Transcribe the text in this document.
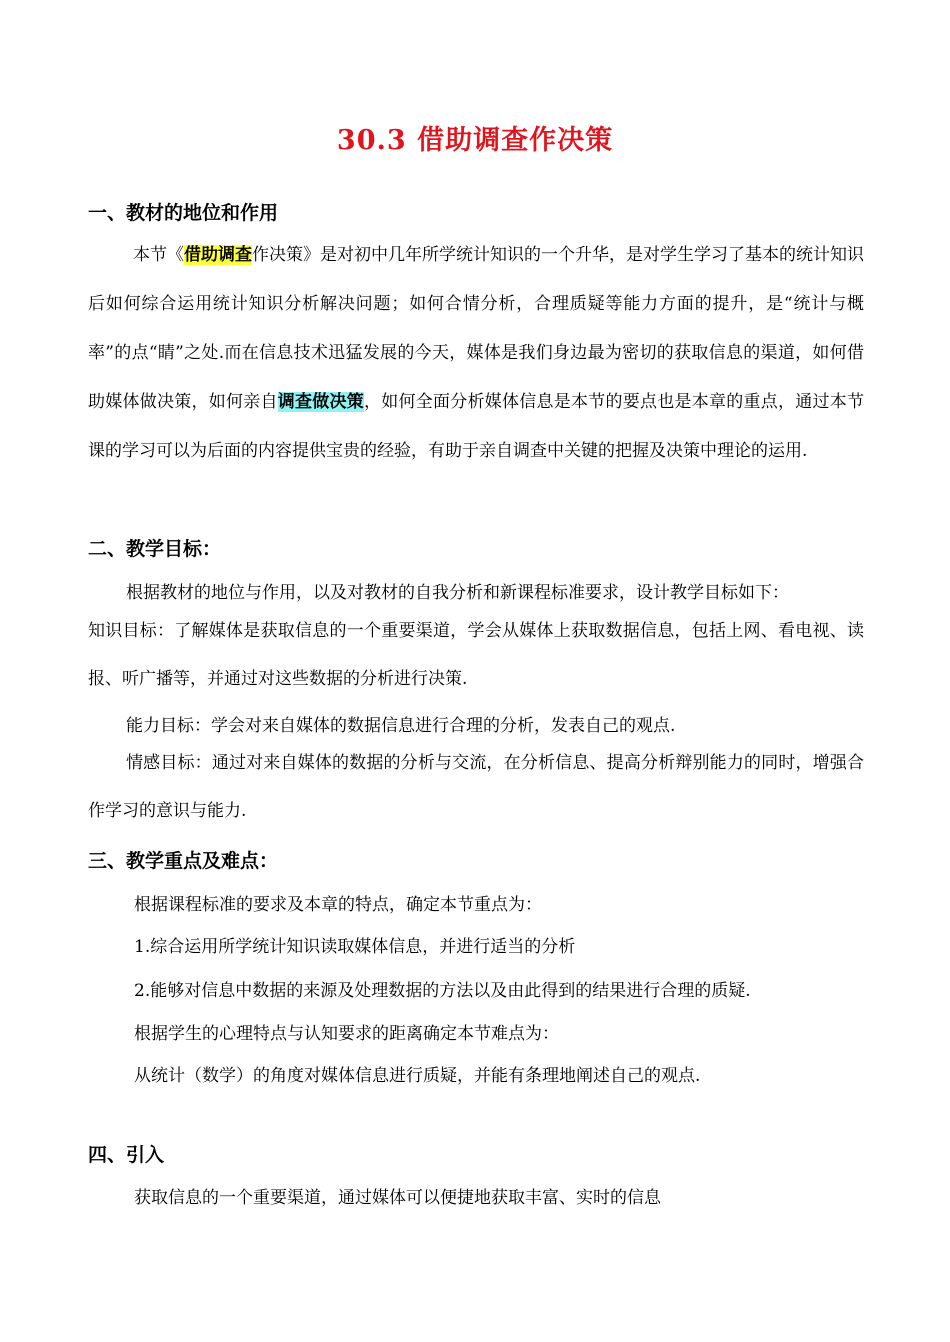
30.3 借助调查作决策
一、教材的地位和作用
本节《借助调查作决策》是对初中几年所学统计知识的一个升华，是对学生学习了基本的统计知识后如何综合运用统计知识分析解决问题；如何合情分析，合理质疑等能力方面的提升，是“统计与概率”的点“睛”之处.而在信息技术迅猛发展的今天，媒体是我们身边最为密切的获取信息的渠道，如何借助媒体做决策，如何亲自调查做决策，如何全面分析媒体信息是本节的要点也是本章的重点，通过本节课的学习可以为后面的内容提供宝贵的经验，有助于亲自调查中关键的把握及决策中理论的运用.
二、教学目标：
根据教材的地位与作用，以及对教材的自我分析和新课程标准要求，设计教学目标如下：
知识目标：了解媒体是获取信息的一个重要渠道，学会从媒体上获取数据信息，包括上网、看电视、读报、听广播等，并通过对这些数据的分析进行决策.
能力目标：学会对来自媒体的数据信息进行合理的分析，发表自己的观点.
情感目标：通过对来自媒体的数据的分析与交流，在分析信息、提高分析辩别能力的同时，增强合作学习的意识与能力.
三、教学重点及难点：
根据课程标准的要求及本章的特点，确定本节重点为：
1.综合运用所学统计知识读取媒体信息，并进行适当的分析
2.能够对信息中数据的来源及处理数据的方法以及由此得到的结果进行合理的质疑.
根据学生的心理特点与认知要求的距离确定本节难点为：
从统计（数学）的角度对媒体信息进行质疑，并能有条理地阐述自己的观点.
四、引入
获取信息的一个重要渠道，通过媒体可以便捷地获取丰富、实时的信息
